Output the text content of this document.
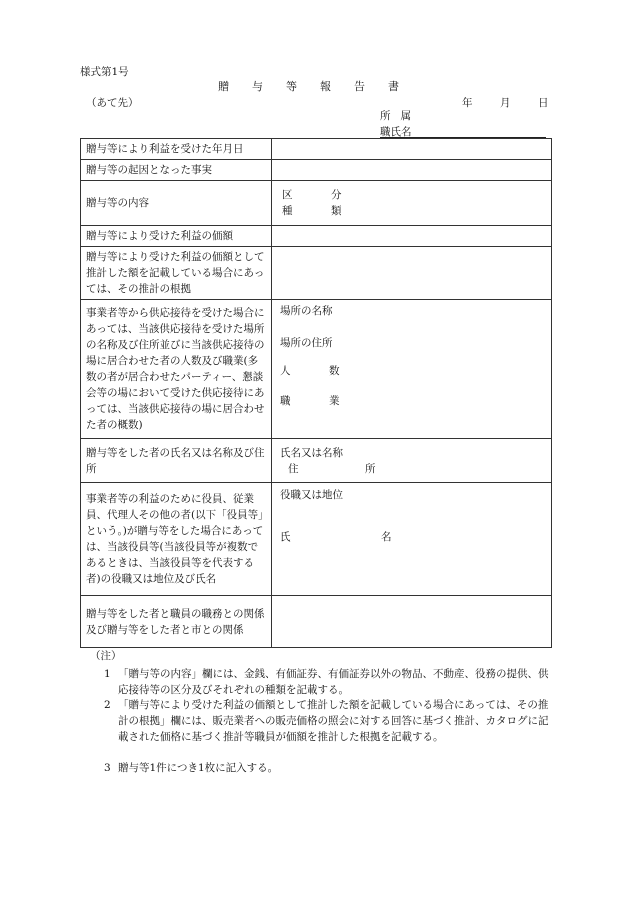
様式第1号
贈 与 等 報 告 書
（あて先）	年	月	日
所属
職氏名
贈与等により利益を受けた年月日	
贈与等の起因となった事実	
贈与等の内容	区　分
種　類

贈与等により受けた利益の価額	
贈与等により受けた利益の価額として推計した額を記載している場合にあっては、その推計の根拠	
事業者等から供応接待を受けた場合にあっては、当該供応接待を受けた場所の名称及び住所並びに当該供応接待の場に居合わせた者の人数及び職業(多数の者が居合わせたパーティー、懇談会等の場において受けた供応接待にあっては、当該供応接待の場に居合わせた者の概数)	場所の名称
場所の住所
人　数
職　業

贈与等をした者の氏名又は名称及び住所	氏名又は名称
住　所

事業者等の利益のために役員、従業員、代理人その他の者(以下「役員等」という。)が贈与等をした場合にあっては、当該役員等(当該役員等が複数であるときは、当該役員等を代表する者)の役職又は地位及び氏名	役職又は地位
氏　名

贈与等をした者と職員の職務との関係及び贈与等をした者と市との関係	
（注）
1 「贈与等の内容」欄には、金銭、有価証券、有価証券以外の物品、不動産、役務の提供、供応接待等の区分及びそれぞれの種類を記載する。
2 「贈与等により受けた利益の価額として推計した額を記載している場合にあっては、その推計の根拠」欄には、販売業者への販売価格の照会に対する回答に基づく推計、カタログに記載された価格に基づく推計等職員が価額を推計した根拠を記載する。
3 贈与等1件につき1枚に記入する。
